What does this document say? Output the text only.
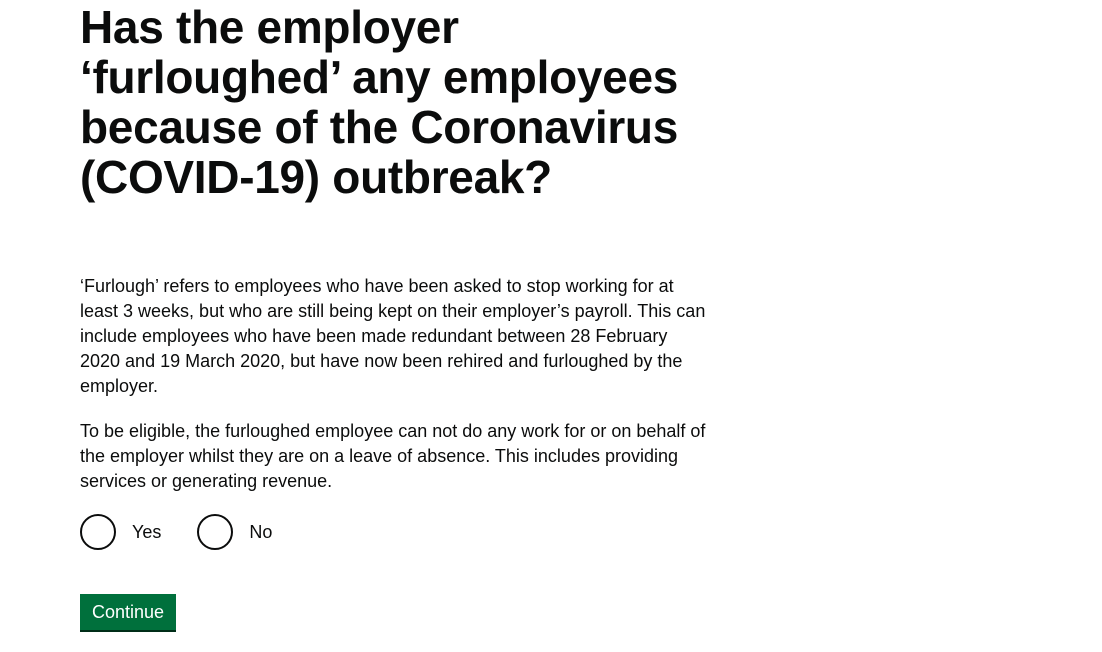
Has the employer ‘furloughed’ any employees because of the Coronavirus (COVID-19) outbreak?

‘Furlough’ refers to employees who have been asked to stop working for at least 3 weeks, but who are still being kept on their employer’s payroll. This can include employees who have been made redundant between 28 February 2020 and 19 March 2020, but have now been rehired and furloughed by the employer.

To be eligible, the furloughed employee can not do any work for or on behalf of the employer whilst they are on a leave of absence. This includes providing services or generating revenue.

Yes	No
Continue
